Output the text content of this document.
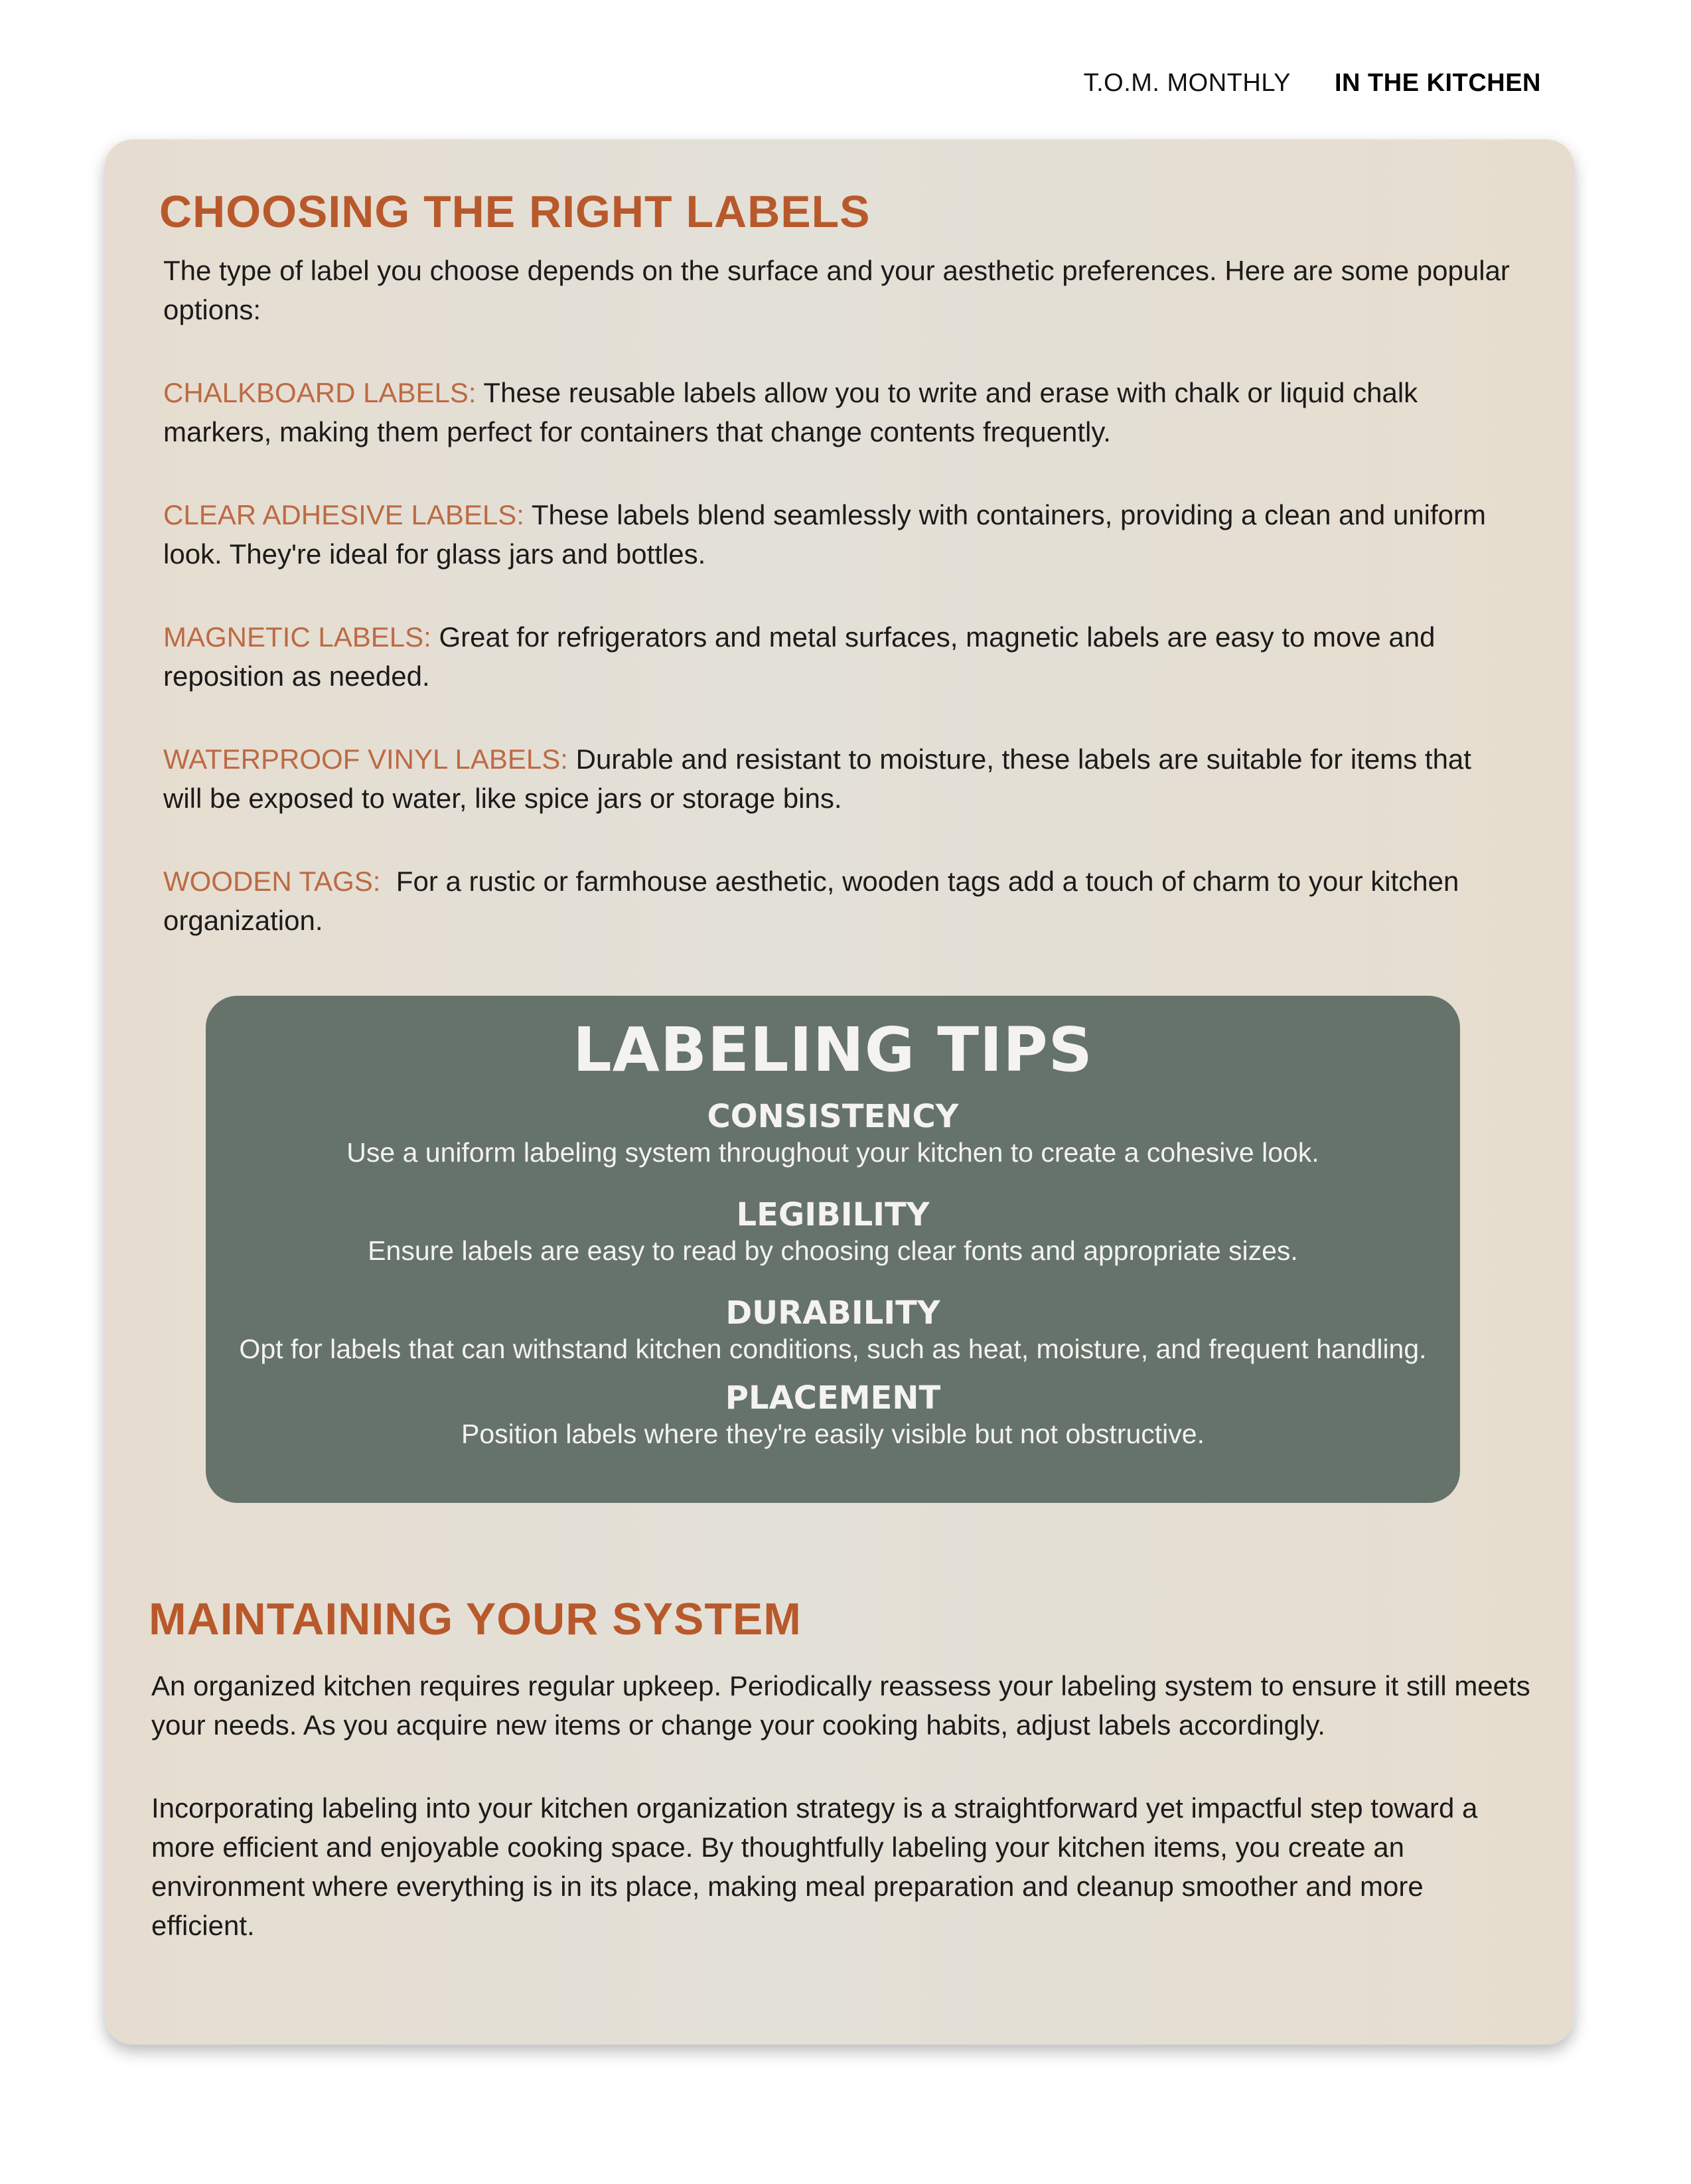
T.O.M. MONTHLY IN THE KITCHEN
CHOOSING THE RIGHT LABELS

The type of label you choose depends on the surface and your aesthetic preferences. Here are some popular options:

CHALKBOARD LABELS: These reusable labels allow you to write and erase with chalk or liquid chalk markers, making them perfect for containers that change contents frequently.

CLEAR ADHESIVE LABELS: These labels blend seamlessly with containers, providing a clean and uniform look. They're ideal for glass jars and bottles.

MAGNETIC LABELS: Great for refrigerators and metal surfaces, magnetic labels are easy to move and reposition as needed.

WATERPROOF VINYL LABELS: Durable and resistant to moisture, these labels are suitable for items that will be exposed to water, like spice jars or storage bins.

WOODEN TAGS:  For a rustic or farmhouse aesthetic, wooden tags add a touch of charm to your kitchen organization.

LABELING TIPS
CONSISTENCY
Use a uniform labeling system throughout your kitchen to create a cohesive look.
LEGIBILITY
Ensure labels are easy to read by choosing clear fonts and appropriate sizes.
DURABILITY
Opt for labels that can withstand kitchen conditions, such as heat, moisture, and frequent handling.
PLACEMENT
Position labels where they're easily visible but not obstructive.
MAINTAINING YOUR SYSTEM

An organized kitchen requires regular upkeep. Periodically reassess your labeling system to ensure it still meets your needs. As you acquire new items or change your cooking habits, adjust labels accordingly.

Incorporating labeling into your kitchen organization strategy is a straightforward yet impactful step toward a more efficient and enjoyable cooking space. By thoughtfully labeling your kitchen items, you create an environment where everything is in its place, making meal preparation and cleanup smoother and more efficient.
